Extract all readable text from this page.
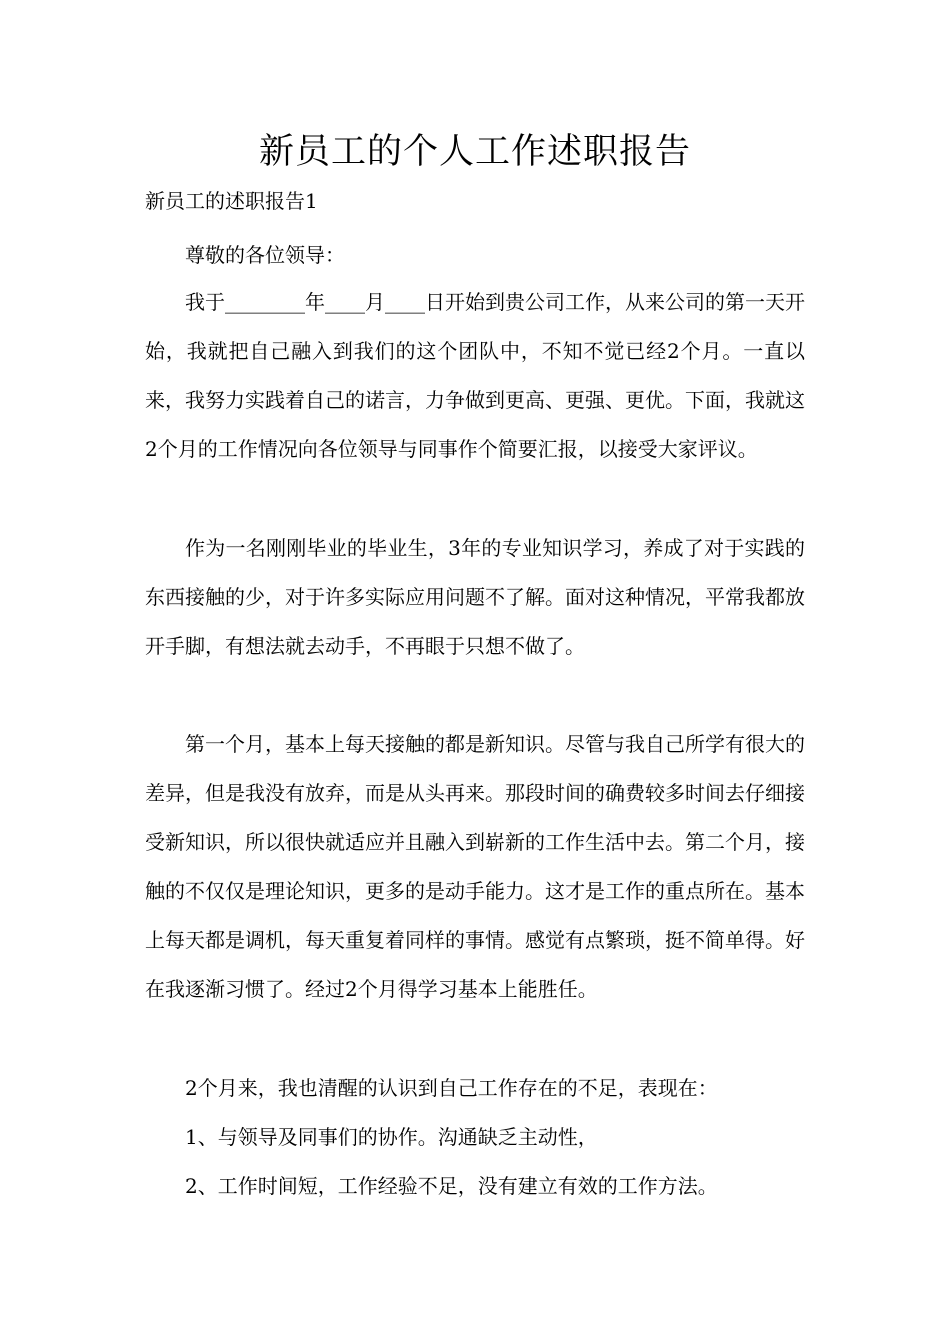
新员工的个人工作述职报告

新员工的述职报告1

尊敬的各位领导：

我于________年____月____日开始到贵公司工作，从来公司的第一天开始，我就把自己融入到我们的这个团队中，不知不觉已经2个月。一直以来，我努力实践着自己的诺言，力争做到更高、更强、更优。下面，我就这2个月的工作情况向各位领导与同事作个简要汇报，以接受大家评议。

作为一名刚刚毕业的毕业生，3年的专业知识学习，养成了对于实践的东西接触的少，对于许多实际应用问题不了解。面对这种情况，平常我都放开手脚，有想法就去动手，不再眼于只想不做了。

第一个月，基本上每天接触的都是新知识。尽管与我自己所学有很大的差异，但是我没有放弃，而是从头再来。那段时间的确费较多时间去仔细接受新知识，所以很快就适应并且融入到崭新的工作生活中去。第二个月，接触的不仅仅是理论知识，更多的是动手能力。这才是工作的重点所在。基本上每天都是调机，每天重复着同样的事情。感觉有点繁琐，挺不简单得。好在我逐渐习惯了。经过2个月得学习基本上能胜任。

2个月来，我也清醒的认识到自己工作存在的不足，表现在：

1、与领导及同事们的协作。沟通缺乏主动性，

2、工作时间短，工作经验不足，没有建立有效的工作方法。
